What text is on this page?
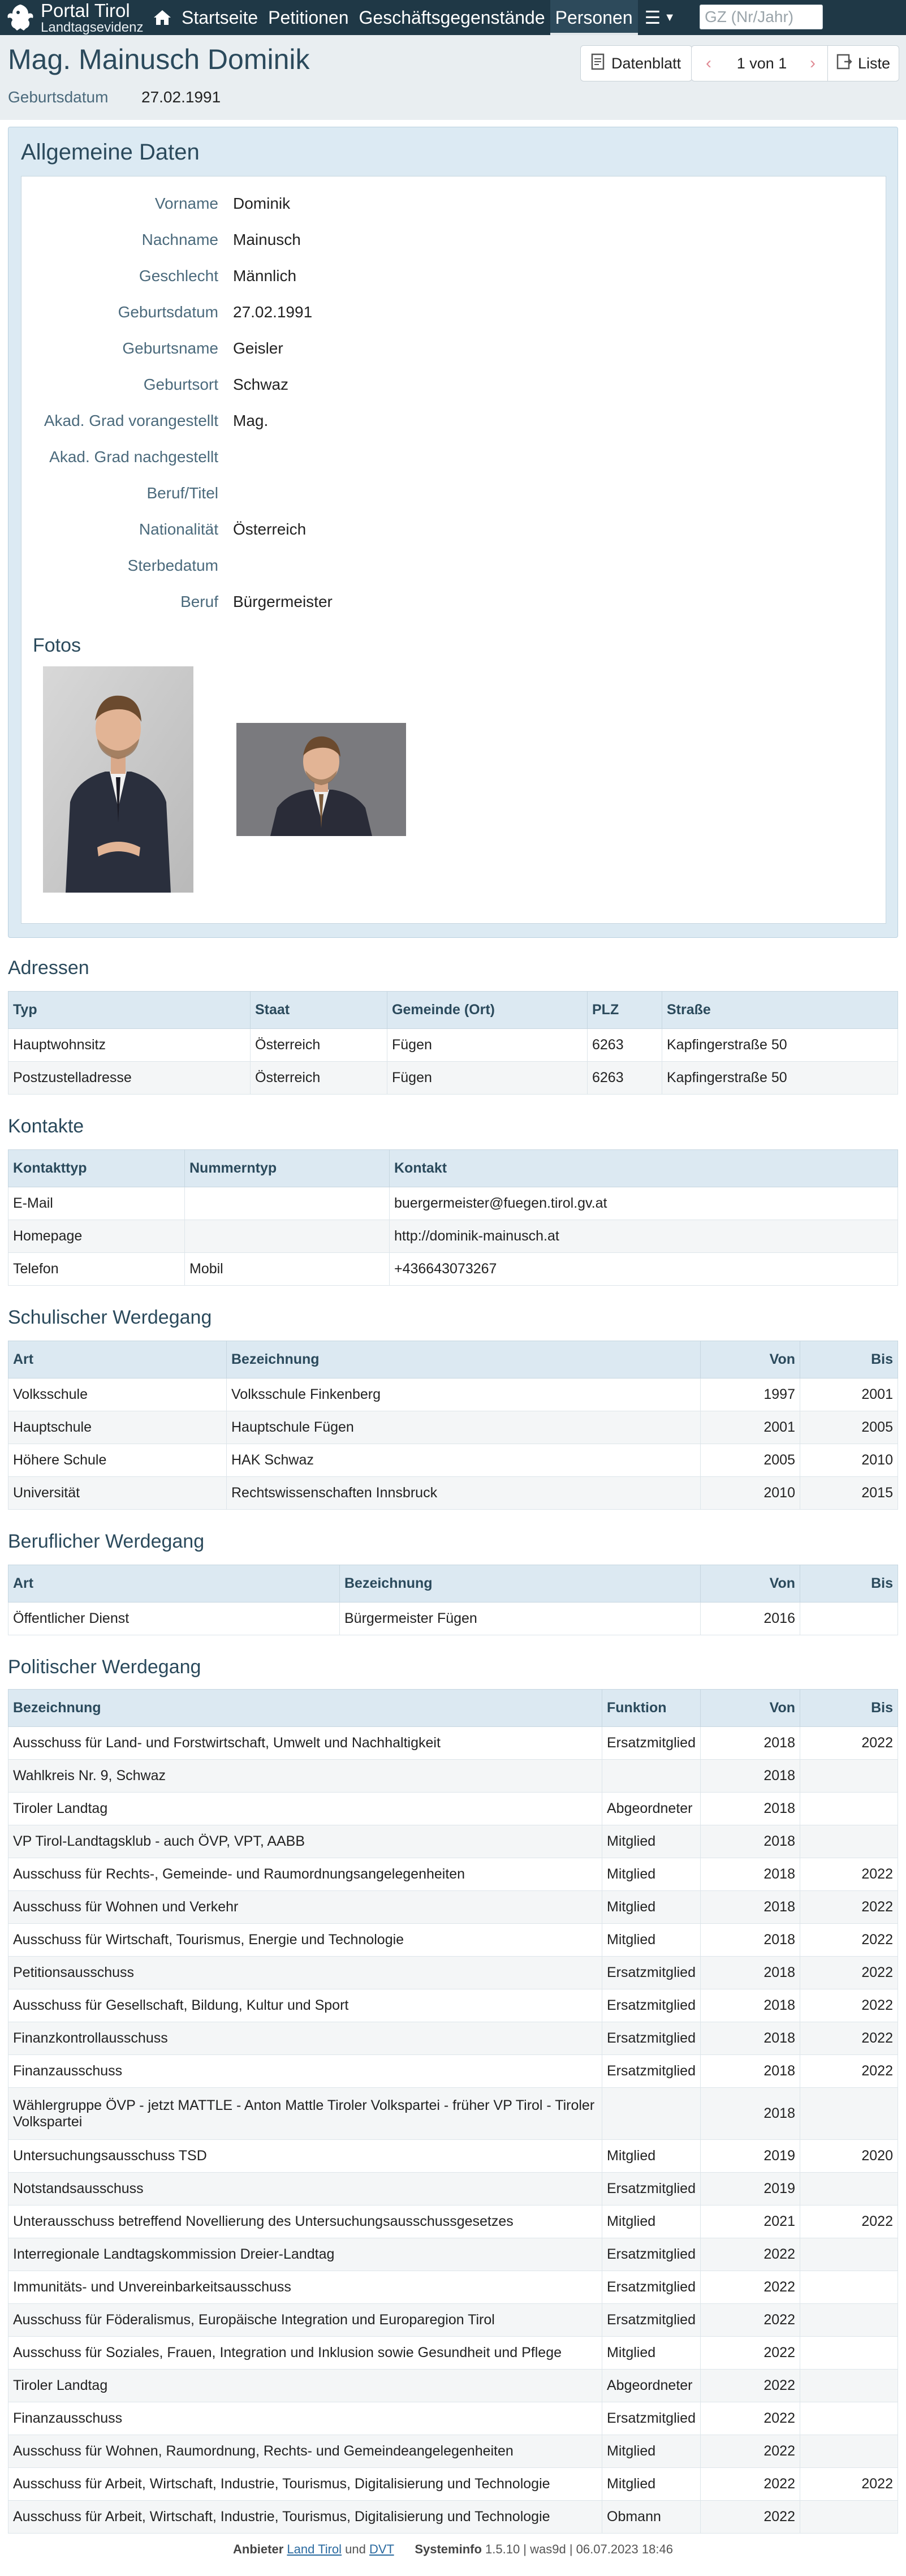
Portal Tirol
Landtagsevidenz Startseite Petitionen Geschäftsgegenstände Personen ☰ ▼
GZ (Nr/Jahr)
Mag. Mainusch Dominik
Geburtsdatum 27.02.1991
Datenblatt ‹	1 von 1	›	Liste
Allgemeine Daten
Vorname Dominik
Nachname Mainusch
Geschlecht Männlich
Geburtsdatum 27.02.1991
Geburtsname Geisler
Geburtsort Schwaz
Akad. Grad vorangestellt Mag.
Akad. Grad nachgestellt
Beruf/Titel
Nationalität Österreich
Sterbedatum
Beruf Bürgermeister
Fotos
Adressen
Typ	Staat	Gemeinde (Ort)	PLZ	Straße
Hauptwohnsitz	Österreich	Fügen	6263	Kapfingerstraße 50
Postzustelladresse	Österreich	Fügen	6263	Kapfingerstraße 50
Kontakte
Kontakttyp	Nummerntyp	Kontakt
E-Mail		buergermeister@fuegen.tirol.gv.at
Homepage		http://dominik-mainusch.at
Telefon	Mobil	+436643073267
Schulischer Werdegang
Art	Bezeichnung	Von	Bis
Volksschule	Volksschule Finkenberg	1997	2001
Hauptschule	Hauptschule Fügen	2001	2005
Höhere Schule	HAK Schwaz	2005	2010
Universität	Rechtswissenschaften Innsbruck	2010	2015
Beruflicher Werdegang
Art	Bezeichnung	Von	Bis
Öffentlicher Dienst	Bürgermeister Fügen	2016	
Politischer Werdegang
Bezeichnung	Funktion	Von	Bis
Ausschuss für Land- und Forstwirtschaft, Umwelt und Nachhaltigkeit	Ersatzmitglied	2018	2022
Wahlkreis Nr. 9, Schwaz		2018	
Tiroler Landtag	Abgeordneter	2018	
VP Tirol-Landtagsklub - auch ÖVP, VPT, AABB	Mitglied	2018	
Ausschuss für Rechts-, Gemeinde- und Raumordnungsangelegenheiten	Mitglied	2018	2022
Ausschuss für Wohnen und Verkehr	Mitglied	2018	2022
Ausschuss für Wirtschaft, Tourismus, Energie und Technologie	Mitglied	2018	2022
Petitionsausschuss	Ersatzmitglied	2018	2022
Ausschuss für Gesellschaft, Bildung, Kultur und Sport	Ersatzmitglied	2018	2022
Finanzkontrollausschuss	Ersatzmitglied	2018	2022
Finanzausschuss	Ersatzmitglied	2018	2022
Wählergruppe ÖVP - jetzt MATTLE - Anton Mattle Tiroler Volkspartei - früher VP Tirol - Tiroler Volkspartei		2018	
Untersuchungsausschuss TSD	Mitglied	2019	2020
Notstandsausschuss	Ersatzmitglied	2019	
Unterausschuss betreffend Novellierung des Untersuchungsausschussgesetzes	Mitglied	2021	2022
Interregionale Landtagskommission Dreier-Landtag	Ersatzmitglied	2022	
Immunitäts- und Unvereinbarkeitsausschuss	Ersatzmitglied	2022	
Ausschuss für Föderalismus, Europäische Integration und Europaregion Tirol	Ersatzmitglied	2022	
Ausschuss für Soziales, Frauen, Integration und Inklusion sowie Gesundheit und Pflege	Mitglied	2022	
Tiroler Landtag	Abgeordneter	2022	
Finanzausschuss	Ersatzmitglied	2022	
Ausschuss für Wohnen, Raumordnung, Rechts- und Gemeindeangelegenheiten	Mitglied	2022	
Ausschuss für Arbeit, Wirtschaft, Industrie, Tourismus, Digitalisierung und Technologie	Mitglied	2022	2022
Ausschuss für Arbeit, Wirtschaft, Industrie, Tourismus, Digitalisierung und Technologie	Obmann	2022	
Anbieter Land Tirol und DVT Systeminfo 1.5.10 | was9d | 06.07.2023 18:46
